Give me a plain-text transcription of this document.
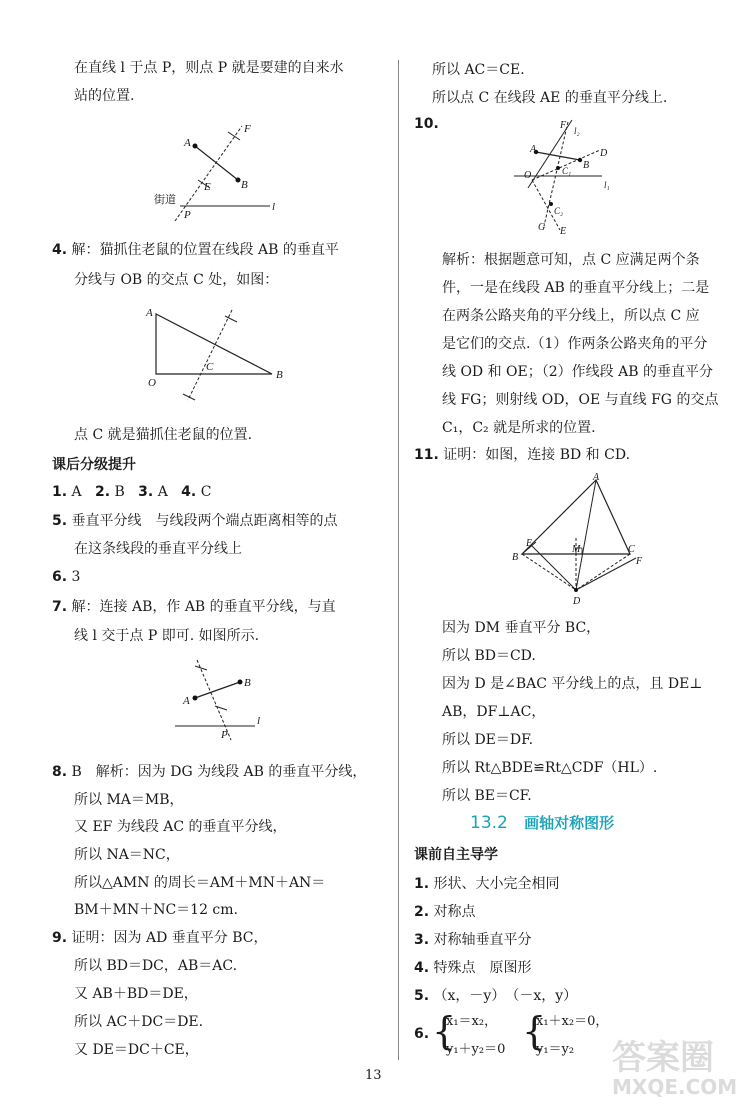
在直线 l 于点 P，则点 P 就是要建的自来水
站的位置.
A
B
F
E
P
l
街道
4. 解：猫抓住老鼠的位置在线段 AB 的垂直平
分线与 OB 的交点 C 处，如图：
A
O
B
C
点 C 就是猫抓住老鼠的位置.
课后分级提升
1. A 2. B 3. A 4. C
5. 垂直平分线　与线段两个端点距离相等的点
在这条线段的垂直平分线上
6. 3
7. 解：连接 AB，作 AB 的垂直平分线，与直
线 l 交于点 P 即可. 如图所示.
A
B
P
l
8. B　解析：因为 DG 为线段 AB 的垂直平分线，
所以 MA＝MB，
又 EF 为线段 AC 的垂直平分线，
所以 NA＝NC，
所以△AMN 的周长＝AM＋MN＋AN＝
BM＋MN＋NC＝12 cm.
9. 证明：因为 AD 垂直平分 BC，
所以 BD＝DC，AB＝AC.
又 AB＋BD＝DE，
所以 AC＋DC＝DE.
又 DE＝DC＋CE，
所以 AC＝CE.
所以点 C 在线段 AE 的垂直平分线上.
10.
A
B
C₁
C₂
D
E
F
G
O
l₁
l₂
解析：根据题意可知，点 C 应满足两个条
件，一是在线段 AB 的垂直平分线上；二是
在两条公路夹角的平分线上，所以点 C 应
是它们的交点.（1）作两条公路夹角的平分
线 OD 和 OE；（2）作线段 AB 的垂直平分
线 FG；则射线 OD，OE 与直线 FG 的交点
C₁，C₂ 就是所求的位置.
11. 证明：如图，连接 BD 和 CD.
A
B
C
D
E
F
M
因为 DM 垂直平分 BC，
所以 BD＝CD.
因为 D 是∠BAC 平分线上的点，且 DE⊥
AB，DF⊥AC，
所以 DE＝DF.
所以 Rt△BDE≌Rt△CDF（HL）.
所以 BE＝CF.
13.2 画轴对称图形
课前自主导学
1. 形状、大小完全相同
2. 对称点
3. 对称轴垂直平分
4. 特殊点　原图形
5. （x，－y）　（－x，y）
6. {
x₁＝x₂，
y₁＋y₂＝0 {
x₁＋x₂＝0，
y₁＝y₂
13	答案圈
MXQE.COM
